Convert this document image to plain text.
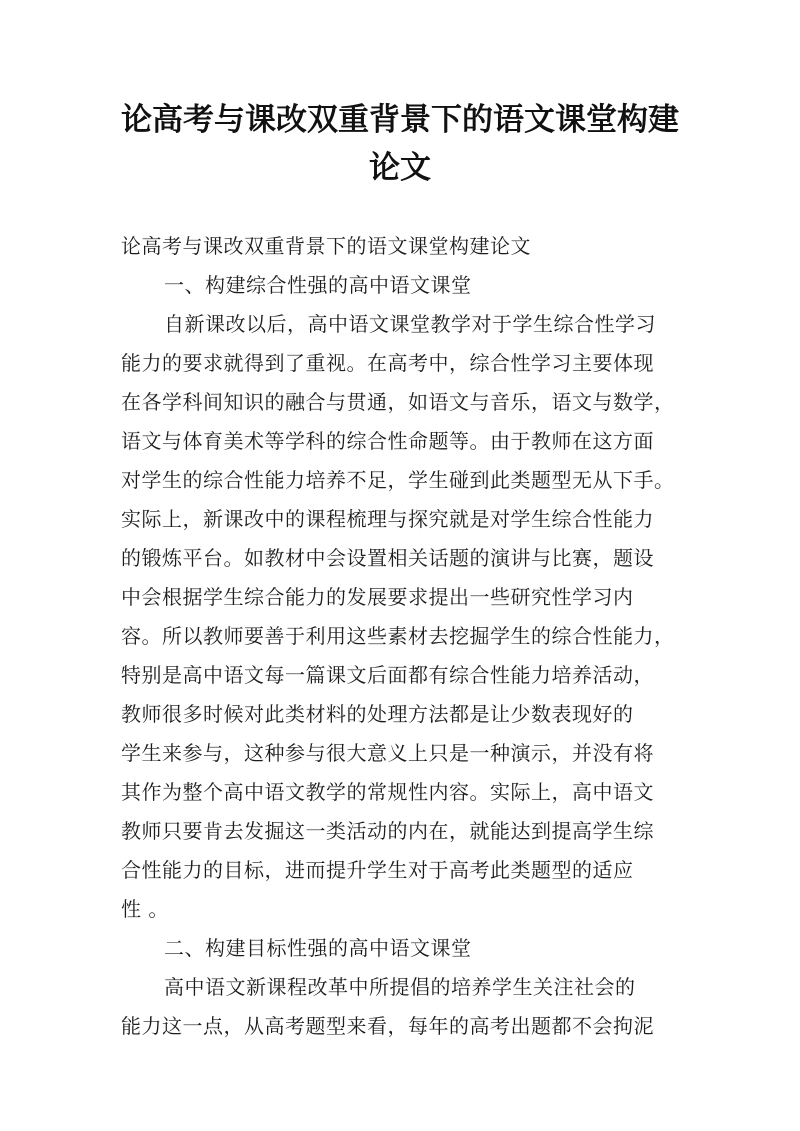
论高考与课改双重背景下的语文课堂构建
论文
论高考与课改双重背景下的语文课堂构建论文
一、构建综合性强的高中语文课堂
自新课改以后，高中语文课堂教学对于学生综合性学习
能力的要求就得到了重视。在高考中，综合性学习主要体现
在各学科间知识的融合与贯通，如语文与音乐，语文与数学，
语文与体育美术等学科的综合性命题等。由于教师在这方面
对学生的综合性能力培养不足，学生碰到此类题型无从下手。
实际上，新课改中的课程梳理与探究就是对学生综合性能力
的锻炼平台。如教材中会设置相关话题的演讲与比赛，题设
中会根据学生综合能力的发展要求提出一些研究性学习内
容。所以教师要善于利用这些素材去挖掘学生的综合性能力，
特别是高中语文每一篇课文后面都有综合性能力培养活动，
教师很多时候对此类材料的处理方法都是让少数表现好的
学生来参与，这种参与很大意义上只是一种演示，并没有将
其作为整个高中语文教学的常规性内容。实际上，高中语文
教师只要肯去发掘这一类活动的内在，就能达到提高学生综
合性能力的目标，进而提升学生对于高考此类题型的适应
性 。
二、构建目标性强的高中语文课堂
高中语文新课程改革中所提倡的培养学生关注社会的
能力这一点，从高考题型来看，每年的高考出题都不会拘泥
